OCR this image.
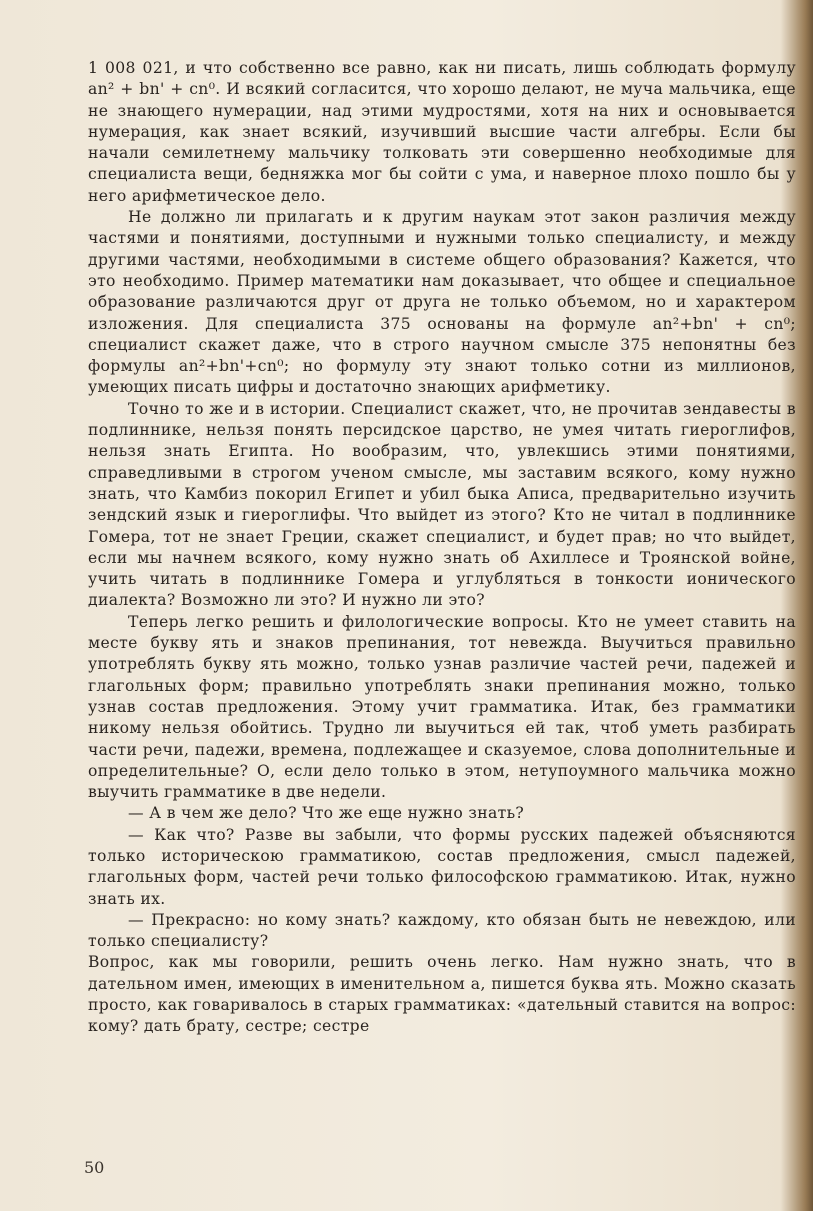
1 008 021, и что собственно все равно, как ни писать, лишь соблюдать формулу an² + bn' + cn⁰. И всякий согласится, что хорошо делают, не муча мальчика, еще не знающего нумерации, над этими мудростями, хотя на них и основывается нумерация, как знает всякий, изучивший высшие части алгебры. Если бы начали семилетнему мальчику толковать эти совершенно необходимые для специалиста вещи, бедняжка мог бы сойти с ума, и наверное плохо пошло бы у него арифметическое дело.

Не должно ли прилагать и к другим наукам этот закон различия между частями и понятиями, доступными и нужными только специалисту, и между другими частями, необходимыми в системе общего образования? Кажется, что это необходимо. Пример математики нам доказывает, что общее и специальное образование различаются друг от друга не только объемом, но и характером изложения. Для специалиста 375 основаны на формуле an²+bn' + cn⁰; специалист скажет даже, что в строго научном смысле 375 непонятны без формулы an²+bn'+cn⁰; но формулу эту знают только сотни из миллионов, умеющих писать цифры и достаточно знающих арифметику.

Точно то же и в истории. Специалист скажет, что, не прочитав зендавесты в подлиннике, нельзя понять персидское царство, не умея читать гиероглифов, нельзя знать Египта. Но вообразим, что, увлекшись этими понятиями, справедливыми в строгом ученом смысле, мы заставим всякого, кому нужно знать, что Камбиз покорил Египет и убил быка Аписа, предварительно изучить зендский язык и гиероглифы. Что выйдет из этого? Кто не читал в подлиннике Гомера, тот не знает Греции, скажет специалист, и будет прав; но что выйдет, если мы начнем всякого, кому нужно знать об Ахиллесе и Троянской войне, учить читать в подлиннике Гомера и углубляться в тонкости ионического диалекта? Возможно ли это? И нужно ли это?

Теперь легко решить и филологические вопросы. Кто не умеет ставить на месте букву ять и знаков препинания, тот невежда. Выучиться правильно употреблять букву ять можно, только узнав различие частей речи, падежей и глагольных форм; правильно употреблять знаки препинания можно, только узнав состав предложения. Этому учит грамматика. Итак, без грамматики никому нельзя обойтись. Трудно ли выучиться ей так, чтоб уметь разбирать части речи, падежи, времена, подлежащее и сказуемое, слова дополнительные и определительные? О, если дело только в этом, нетупоумного мальчика можно выучить грамматике в две недели.

— А в чем же дело? Что же еще нужно знать?

— Как что? Разве вы забыли, что формы русских падежей объясняются только историческою грамматикою, состав предложения, смысл падежей, глагольных форм, частей речи только философскою грамматикою. Итак, нужно знать их.

— Прекрасно: но кому знать? каждому, кто обязан быть не невеждою, или только специалисту?

Вопрос, как мы говорили, решить очень легко. Нам нужно знать, что в дательном имен, имеющих в именительном а, пишется буква ять. Можно сказать просто, как говаривалось в старых грамматиках: «дательный ставится на вопрос: кому? дать брату, сестре; сестре

50
